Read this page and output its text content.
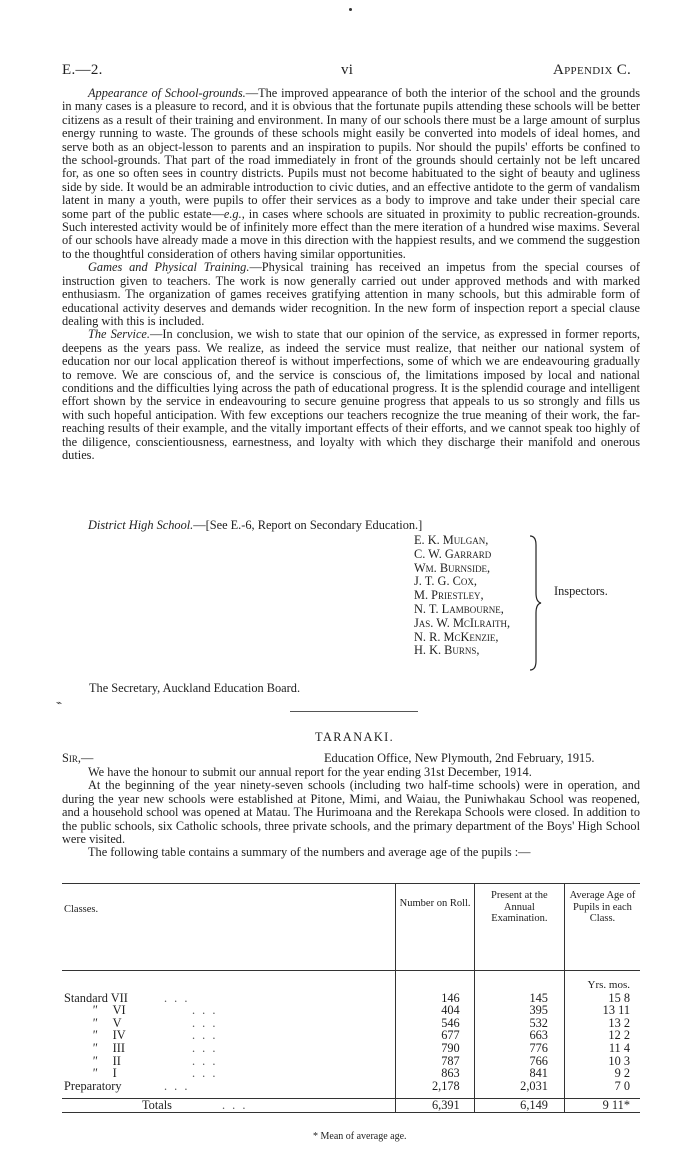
E.—2.	vi	Appendix C.

Appearance of School-grounds.—The improved appearance of both the interior of the school and the grounds in many cases is a pleasure to record, and it is obvious that the fortunate pupils attending these schools will be better citizens as a result of their training and environment. In many of our schools there must be a large amount of surplus energy running to waste. The grounds of these schools might easily be converted into models of ideal homes, and serve both as an object-lesson to parents and an inspiration to pupils. Nor should the pupils' efforts be confined to the school-grounds. That part of the road immediately in front of the grounds should certainly not be left uncared for, as one so often sees in country districts. Pupils must not become habituated to the sight of beauty and ugliness side by side. It would be an admirable introduction to civic duties, and an effective antidote to the germ of vandalism latent in many a youth, were pupils to offer their services as a body to improve and take under their special care some part of the public estate—e.g., in cases where schools are situated in proximity to public recreation-grounds. Such interested activity would be of infinitely more effect than the mere iteration of a hundred wise maxims. Several of our schools have already made a move in this direction with the happiest results, and we commend the suggestion to the thoughtful consideration of others having similar opportunities.

Games and Physical Training.—Physical training has received an impetus from the special courses of instruction given to teachers. The work is now generally carried out under approved methods and with marked enthusiasm. The organization of games receives gratifying attention in many schools, but this admirable form of educational activity deserves and demands wider recognition. In the new form of inspection report a special clause dealing with this is included.

The Service.—In conclusion, we wish to state that our opinion of the service, as expressed in former reports, deepens as the years pass. We realize, as indeed the service must realize, that neither our national system of education nor our local application thereof is without imperfections, some of which we are endeavouring gradually to remove. We are conscious of, and the service is conscious of, the limitations imposed by local and national conditions and the difficulties lying across the path of educational progress. It is the splendid courage and intelligent effort shown by the service in endeavouring to secure genuine progress that appeals to us so strongly and fills us with such hopeful anticipation. With few exceptions our teachers recognize the true meaning of their work, the far-reaching results of their example, and the vitally important effects of their efforts, and we cannot speak too highly of the diligence, conscientiousness, earnestness, and loyalty with which they discharge their manifold and onerous duties.

District High School.—[See E.-6, Report on Secondary Education.]
E. K. Mulgan,
C. W. Garrard
Wm. Burnside,
J. T. G. Cox,
M. Priestley,
N. T. Lambourne,
Jas. W. McIlraith,
N. R. McKenzie,
H. K. Burns,
Inspectors.
The Secretary, Auckland Education Board.
⌁
TARANAKI.
Sir,—	Education Office, New Plymouth, 2nd February, 1915.

We have the honour to submit our annual report for the year ending 31st December, 1914.

At the beginning of the year ninety-seven schools (including two half-time schools) were in operation, and during the year new schools were established at Pitone, Mimi, and Waiau, the Puniwhakau School was reopened, and a household school was opened at Matau. The Hurimoana and the Rerekapa Schools were closed. In addition to the public schools, six Catholic schools, three private schools, and the primary department of the Boys' High School were visited.

The following table contains a summary of the numbers and average age of the pupils :—

Classes.	Number on Roll.	Present at the Annual Examination.	Average Age of Pupils in each Class.
			Yrs. mos.
Standard VII . . .	146	145	15 8
" VI . . .	404	395	13 11
" V . . .	546	532	13 2
" IV . . .	677	663	12 2
" III . . .	790	776	11 4
" II . . .	787	766	10 3
" I . . .	863	841	9 2
Preparatory . . .	2,178	2,031	7 0

Totals . . .	6,391	6,149	9 11*
* Mean of average age.
